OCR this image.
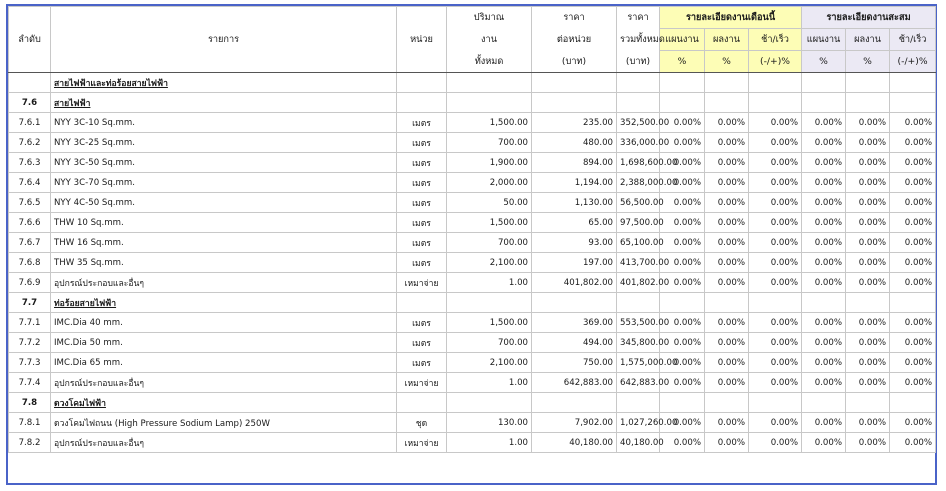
ลำดับ	รายการ			หน่วย	ปริมาณ	ราคา	ราคา	รายละเอียดงานเดือนนี้			รายละเอียดงานสะสม		
					งาน	ต่อหน่วย	รวมทั้งหมด	แผนงาน	ผลงาน	ช้า/เร็ว	แผนงาน	ผลงาน	ช้า/เร็ว
					ทั้งหมด	(บาท)	(บาท)	%	%	(-/+)%	%	%	(-/+)%
	สายไฟฟ้าและท่อร้อยสายไฟฟ้า												
7.6	สายไฟฟ้า												
7.6.1	NYY 3C-10 Sq.mm.			เมตร	1,500.00	235.00	352,500.00	0.00%	0.00%	0.00%	0.00%	0.00%	0.00%
7.6.2	NYY 3C-25 Sq.mm.			เมตร	700.00	480.00	336,000.00	0.00%	0.00%	0.00%	0.00%	0.00%	0.00%
7.6.3	NYY 3C-50 Sq.mm.			เมตร	1,900.00	894.00	1,698,600.00	0.00%	0.00%	0.00%	0.00%	0.00%	0.00%
7.6.4	NYY 3C-70 Sq.mm.			เมตร	2,000.00	1,194.00	2,388,000.00	0.00%	0.00%	0.00%	0.00%	0.00%	0.00%
7.6.5	NYY 4C-50 Sq.mm.			เมตร	50.00	1,130.00	56,500.00	0.00%	0.00%	0.00%	0.00%	0.00%	0.00%
7.6.6	THW 10 Sq.mm.			เมตร	1,500.00	65.00	97,500.00	0.00%	0.00%	0.00%	0.00%	0.00%	0.00%
7.6.7	THW 16 Sq.mm.			เมตร	700.00	93.00	65,100.00	0.00%	0.00%	0.00%	0.00%	0.00%	0.00%
7.6.8	THW 35 Sq.mm.			เมตร	2,100.00	197.00	413,700.00	0.00%	0.00%	0.00%	0.00%	0.00%	0.00%
7.6.9	อุปกรณ์ประกอบและอื่นๆ			เหมาจ่าย	1.00	401,802.00	401,802.00	0.00%	0.00%	0.00%	0.00%	0.00%	0.00%
7.7	ท่อร้อยสายไฟฟ้า												
7.7.1	IMC.Dia 40 mm.			เมตร	1,500.00	369.00	553,500.00	0.00%	0.00%	0.00%	0.00%	0.00%	0.00%
7.7.2	IMC.Dia 50 mm.			เมตร	700.00	494.00	345,800.00	0.00%	0.00%	0.00%	0.00%	0.00%	0.00%
7.7.3	IMC.Dia 65 mm.			เมตร	2,100.00	750.00	1,575,000.00	0.00%	0.00%	0.00%	0.00%	0.00%	0.00%
7.7.4	อุปกรณ์ประกอบและอื่นๆ			เหมาจ่าย	1.00	642,883.00	642,883.00	0.00%	0.00%	0.00%	0.00%	0.00%	0.00%
7.8	ดวงโคมไฟฟ้า												
7.8.1	ดวงโคมไฟถนน (High Pressure Sodium Lamp) 250W			ชุด	130.00	7,902.00	1,027,260.00	0.00%	0.00%	0.00%	0.00%	0.00%	0.00%
7.8.2	อุปกรณ์ประกอบและอื่นๆ			เหมาจ่าย	1.00	40,180.00	40,180.00	0.00%	0.00%	0.00%	0.00%	0.00%	0.00%
